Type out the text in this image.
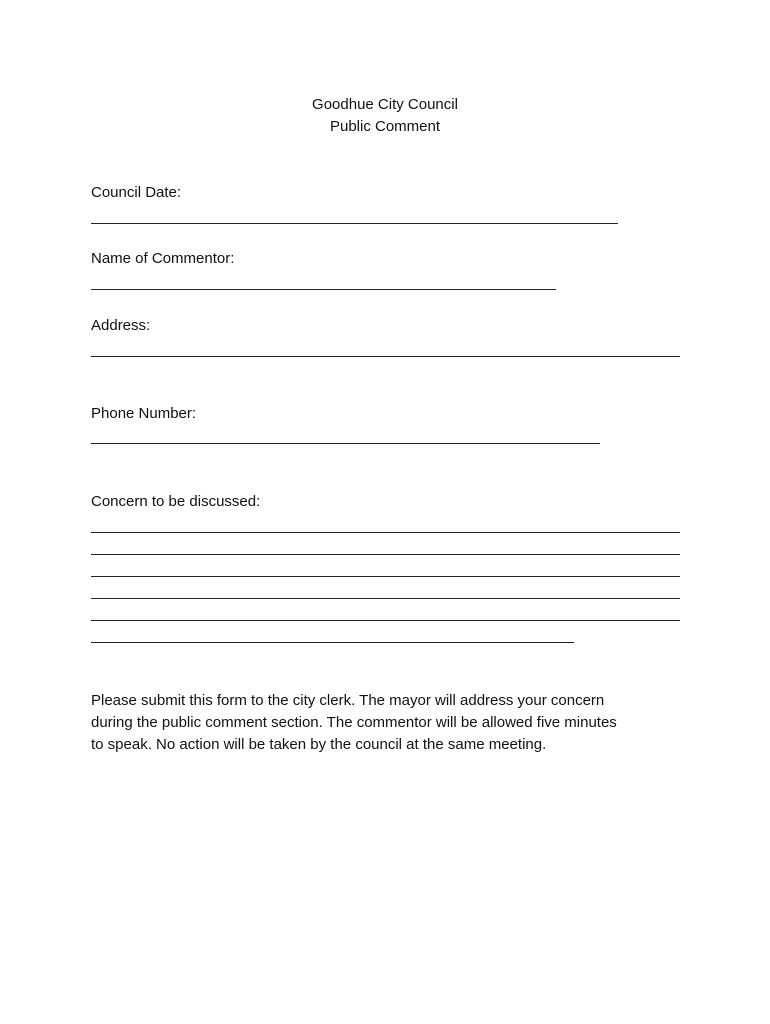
Goodhue City Council
Public Comment
Council Date:
Name of Commentor:
Address:
Phone Number:
Concern to be discussed:
Please submit this form to the city clerk. The mayor will address your concern
during the public comment section. The commentor will be allowed five minutes
to speak. No action will be taken by the council at the same meeting.
